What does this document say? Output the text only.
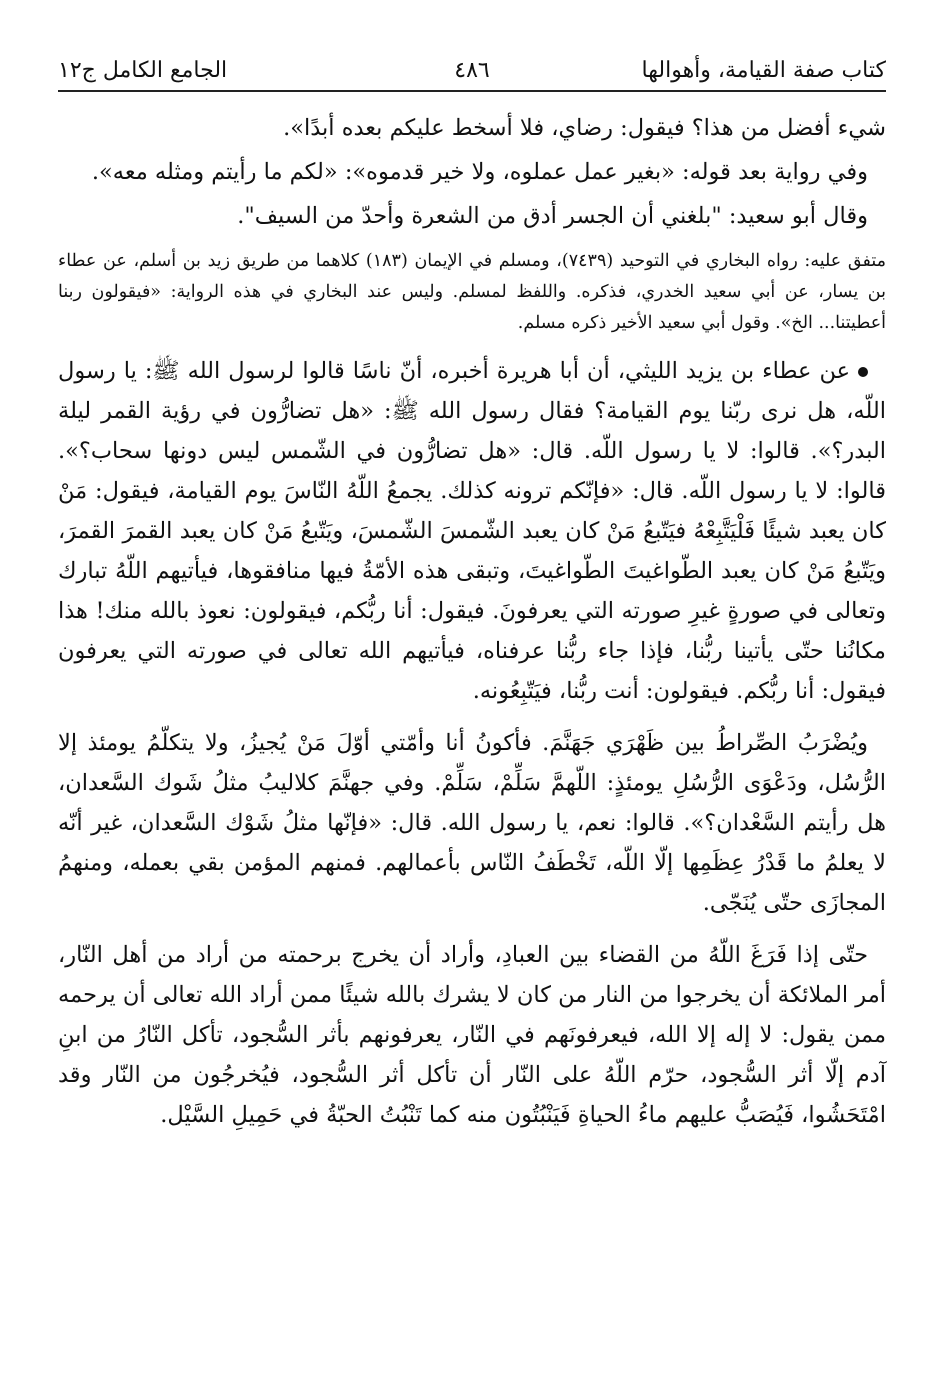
كتاب صفة القيامة، وأهوالها
٤٨٦
الجامع الكامل ج١٢

شيء أفضل من هذا؟ فيقول: رضاي، فلا أسخط عليكم بعده أبدًا».

وفي رواية بعد قوله: «بغير عمل عملوه، ولا خير قدموه»: «لكم ما رأيتم ومثله معه».

وقال أبو سعيد: "بلغني أن الجسر أدق من الشعرة وأحدّ من السيف".

متفق عليه: رواه البخاري في التوحيد (٧٤٣٩)، ومسلم في الإيمان (١٨٣) كلاهما من طريق زيد بن أسلم، عن عطاء بن يسار، عن أبي سعيد الخدري، فذكره. واللفظ لمسلم. وليس عند البخاري في هذه الرواية: «فيقولون ربنا أعطيتنا... الخ». وقول أبي سعيد الأخير ذكره مسلم.

عن عطاء بن يزيد الليثي، أن أبا هريرة أخبره، أنّ ناسًا قالوا لرسول الله ﷺ: يا رسول اللّه، هل نرى ربّنا يوم القيامة؟ فقال رسول الله ﷺ: «هل تضارُّون في رؤية القمر ليلة البدر؟». قالوا: لا يا رسول اللّه. قال: «هل تضارُّون في الشّمس ليس دونها سحاب؟». قالوا: لا يا رسول اللّه. قال: «فإنّكم ترونه كذلك. يجمعُ اللّهُ النّاسَ يوم القيامة، فيقول: مَنْ كان يعبد شيئًا فَلْيَتَّبِعْهُ فيَتّبعُ مَنْ كان يعبد الشّمسَ الشّمسَ، ويَتّبعُ مَنْ كان يعبد القمرَ القمرَ، ويَتّبعُ مَنْ كان يعبد الطّواغيتَ الطّواغيتَ، وتبقى هذه الأمّةُ فيها منافقوها، فيأتيهم اللّهُ تبارك وتعالى في صورةٍ غيرِ صورته التي يعرفونَ. فيقول: أنا ربُّكم، فيقولون: نعوذ بالله منك! هذا مكانُنا حتّى يأتينا ربُّنا، فإذا جاء ربُّنا عرفناه، فيأتيهم الله تعالى في صورته التي يعرفون فيقول: أنا ربُّكم. فيقولون: أنت ربُّنا، فيَتّبِعُونه.

ويُضْرَبُ الصِّراطُ بين ظَهْرَي جَهَنَّمَ. فأكونُ أنا وأمّتي أوّلَ مَنْ يُجيزُ، ولا يتكلّمُ يومئذ إلا الرُّسُل، ودَعْوَى الرُّسُلِ يومئذٍ: اللّهمَّ سَلِّمْ، سَلِّمْ. وفي جهنَّمَ كلاليبُ مثلُ شَوك السَّعدان، هل رأيتم السَّعْدان؟». قالوا: نعم، يا رسول الله. قال: «فإنّها مثلُ شَوْك السَّعدان، غير أنّه لا يعلمُ ما قَدْرُ عِظَمِها إلّا اللّه، تَخْطَفُ النّاس بأعمالهم. فمنهم المؤمن بقي بعمله، ومنهمُ المجازَى حتّى يُنَجّى.

حتّى إذا فَرَغَ اللّهُ من القضاء بين العبادِ، وأراد أن يخرج برحمته من أراد من أهل النّار، أمر الملائكة أن يخرجوا من النار من كان لا يشرك بالله شيئًا ممن أراد الله تعالى أن يرحمه ممن يقول: لا إله إلا الله، فيعرفونَهم في النّار، يعرفونهم بأثر السُّجود، تأكل النّارُ من ابنِ آدم إلّا أثر السُّجود، حرّم اللّهُ على النّار أن تأكل أثر السُّجود، فيُخرجُون من النّار وقد امْتَحَشُوا، فَيُصَبُّ عليهم ماءُ الحياةِ فَيَنْبُتُون منه كما تَنْبُتُ الحبّةُ في حَمِيلِ السَّيْل.
